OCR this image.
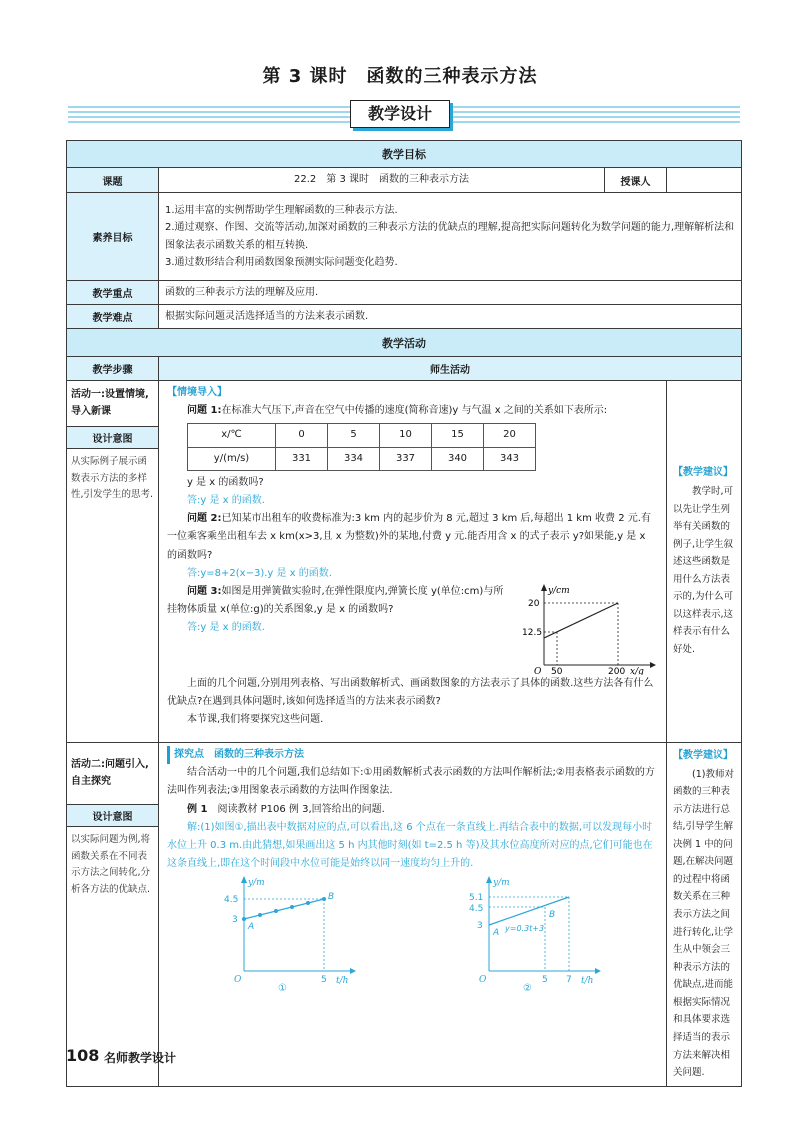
第 3 课时　函数的三种表示方法
教学设计
教学目标
课题	22.2　第 3 课时　函数的三种表示方法	授课人	
素养目标	
1.运用丰富的实例帮助学生理解函数的三种表示方法.
2.通过观察、作图、交流等活动,加深对函数的三种表示方法的优缺点的理解,提高把实际问题转化为数学问题的能力,理解解析法和图象法表示函数关系的相互转换.
3.通过数形结合利用函数图象预测实际问题变化趋势.

教学重点	函数的三种表示方法的理解及应用.
教学难点	根据实际问题灵活选择适当的方法来表示函数.
教学活动
教学步骤	师生活动

活动一:设置情境,导入新课
设计意图
从实际例子展示函数表示方法的多样性,引发学生的思考.

【情境导入】
问题 1:在标准大气压下,声音在空气中传播的速度(简称音速)y 与气温 x 之间的关系如下表所示:
x/℃	0	5	10	15	20
y/(m/s)	331	334	337	340	343
y 是 x 的函数吗?
答:y 是 x 的函数.
问题 2:已知某市出租车的收费标准为:3 km 内的起步价为 8 元,超过 3 km 后,每超出 1 km 收费 2 元.有一位乘客乘坐出租车去 x km(x>3,且 x 为整数)外的某地,付费 y 元.能否用含 x 的式子表示 y?如果能,y 是 x 的函数吗?
答:y=8+2(x−3).y 是 x 的函数.
问题 3:如图是用弹簧做实验时,在弹性限度内,弹簧长度 y(单位:cm)与所挂物体质量 x(单位:g)的关系图象,y 是 x 的函数吗?
答:y 是 x 的函数.
y/cm
x/g
O
20
12.5
50	200
上面的几个问题,分别用列表格、写出函数解析式、画函数图象的方法表示了具体的函数.这些方法各有什么优缺点?在遇到具体问题时,该如何选择适当的方法来表示函数?
本节课,我们将要探究这些问题.

【教学建议】
教学时,可以先让学生列举有关函数的例子,让学生叙述这些函数是用什么方法表示的,为什么可以这样表示,这样表示有什么好处.

活动二:问题引入,自主探究
设计意图
以实际问题为例,将函数关系在不同表示方法之间转化,分析各方法的优缺点.

探究点　函数的三种表示方法
结合活动一中的几个问题,我们总结如下:①用函数解析式表示函数的方法叫作解析法;②用表格表示函数的方法叫作列表法;③用图象表示函数的方法叫作图象法.
例 1　 阅读教材 P106 例 3,回答给出的问题.
解:(1)如图①,描出表中数据对应的点,可以看出,这 6 个点在一条直线上.再结合表中的数据,可以发现每小时水位上升 0.3 m.由此猜想,如果画出这 5 h 内其他时刻(如 t=2.5 h 等)及其水位高度所对应的点,它们可能也在这条直线上,即在这个时间段中水位可能是始终以同一速度均匀上升的.
y/m
t/h
O
4.5
3
5
A
B
①
y/m
t/h
O
5.1
4.5
3
5 7
A
B
y=0.3t+3
②

【教学建议】
(1)教师对函数的三种表示方法进行总结,引导学生解决例 1 中的问题,在解决问题的过程中将函数关系在三种表示方法之间进行转化,让学生从中领会三种表示方法的优缺点,进而能根据实际情况和具体要求选择适当的表示方法来解决相关问题.
108 名师教学设计
